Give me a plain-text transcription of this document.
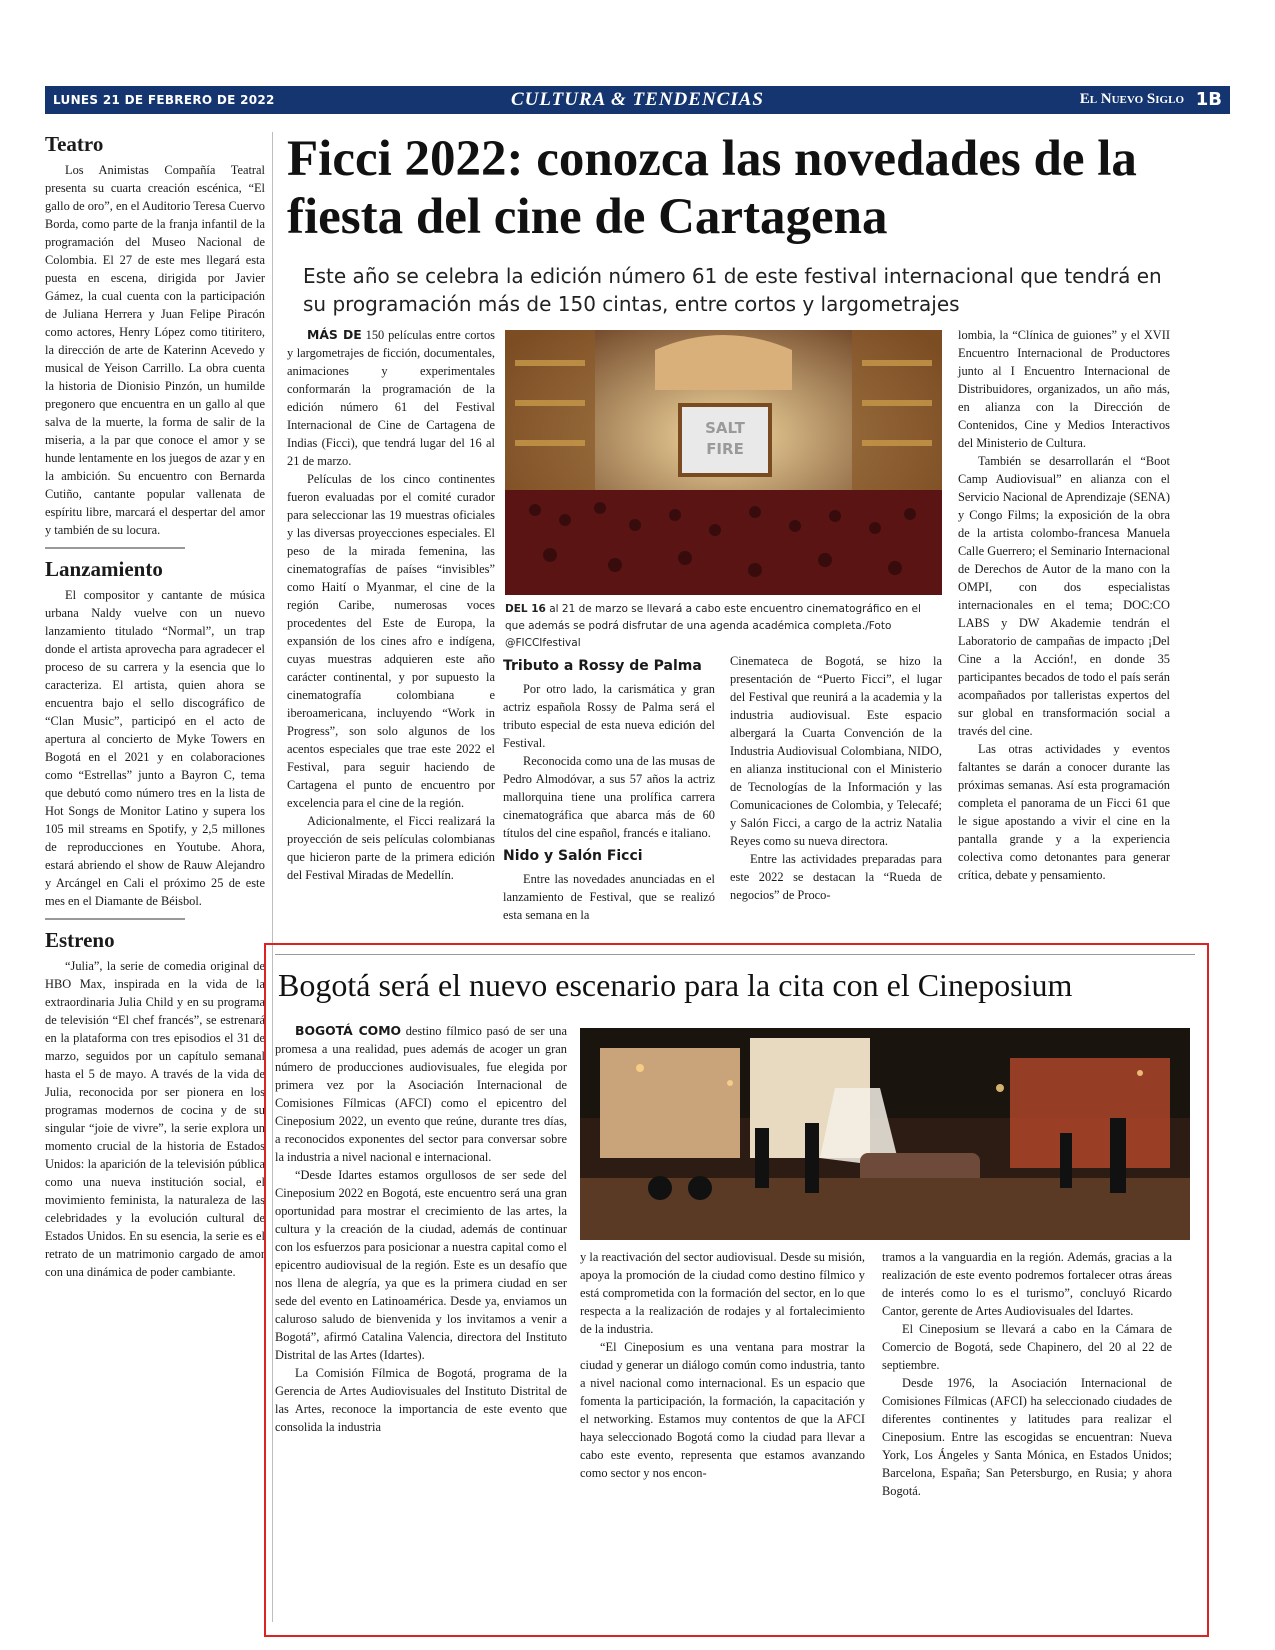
LUNES 21 DE FEBRERO DE 2022	CULTURA & TENDENCIAS	El Nuevo Siglo 1B
Teatro

Los Animistas Compañía Teatral presenta su cuarta creación escénica, “El gallo de oro”, en el Auditorio Teresa Cuervo Borda, como parte de la franja infantil de la programación del Museo Nacional de Colombia. El 27 de este mes llegará esta puesta en escena, dirigida por Javier Gámez, la cual cuenta con la participación de Juliana Herrera y Juan Felipe Piracón como actores, Henry López como titiritero, la dirección de arte de Katerinn Acevedo y musical de Yeison Carrillo. La obra cuenta la historia de Dionisio Pinzón, un humilde pregonero que encuentra en un gallo al que salva de la muerte, la forma de salir de la miseria, a la par que conoce el amor y se hunde lentamente en los juegos de azar y en la ambición. Su encuentro con Bernarda Cutiño, cantante popular vallenata de espíritu libre, marcará el despertar del amor y también de su locura.

Lanzamiento

El compositor y cantante de música urbana Naldy vuelve con un nuevo lanzamiento titulado “Normal”, un trap donde el artista aprovecha para agradecer el proceso de su carrera y la esencia que lo caracteriza. El artista, quien ahora se encuentra bajo el sello discográfico de “Clan Music”, participó en el acto de apertura al concierto de Myke Towers en Bogotá en el 2021 y en colaboraciones como “Estrellas” junto a Bayron C, tema que debutó como número tres en la lista de Hot Songs de Monitor Latino y supera los 105 mil streams en Spotify, y 2,5 millones de reproducciones en Youtube. Ahora, estará abriendo el show de Rauw Alejandro y Arcángel en Cali el próximo 25 de este mes en el Diamante de Béisbol.

Estreno

“Julia”, la serie de comedia original de HBO Max, inspirada en la vida de la extraordinaria Julia Child y en su programa de televisión “El chef francés”, se estrenará en la plataforma con tres episodios el 31 de marzo, seguidos por un capítulo semanal hasta el 5 de mayo. A través de la vida de Julia, reconocida por ser pionera en los programas modernos de cocina y de su singular “joie de vivre”, la serie explora un momento crucial de la historia de Estados Unidos: la aparición de la televisión pública como una nueva institución social, el movimiento feminista, la naturaleza de las celebridades y la evolución cultural de Estados Unidos. En su esencia, la serie es el retrato de un matrimonio cargado de amor con una dinámica de poder cambiante.

Ficci 2022: conozca las novedades de la fiesta del cine de Cartagena

Este año se celebra la edición número 61 de este festival internacional que tendrá en su programación más de 150 cintas, entre cortos y largometrajes

MÁS DE 150 películas entre cortos y largometrajes de ficción, documentales, animaciones y experimentales conformarán la programación de la edición número 61 del Festival Internacional de Cine de Cartagena de Indias (Ficci), que tendrá lugar del 16 al 21 de marzo.

Películas de los cinco continentes fueron evaluadas por el comité curador para seleccionar las 19 muestras oficiales y las diversas proyecciones especiales. El peso de la mirada femenina, las cinematografías de países “invisibles” como Haití o Myanmar, el cine de la región Caribe, numerosas voces procedentes del Este de Europa, la expansión de los cines afro e indígena, cuyas muestras adquieren este año carácter continental, y por supuesto la cinematografía colombiana e iberoamericana, incluyendo “Work in Progress”, son solo algunos de los acentos especiales que trae este 2022 el Festival, para seguir haciendo de Cartagena el punto de encuentro por excelencia para el cine de la región.

Adicionalmente, el Ficci realizará la proyección de seis películas colombianas que hicieron parte de la primera edición del Festival Miradas de Medellín.

SALT
FIRE
DEL 16 al 21 de marzo se llevará a cabo este encuentro cinematográfico en el que además se podrá disfrutar de una agenda académica completa./Foto @FICCIfestival
Tributo a Rossy de Palma

Por otro lado, la carismática y gran actriz española Rossy de Palma será el tributo especial de esta nueva edición del Festival.

Reconocida como una de las musas de Pedro Almodóvar, a sus 57 años la actriz mallorquina tiene una prolífica carrera cinematográfica que abarca más de 60 títulos del cine español, francés e italiano.

Nido y Salón Ficci

Entre las novedades anunciadas en el lanzamiento de Festival, que se realizó esta semana en la

Cinemateca de Bogotá, se hizo la presentación de “Puerto Ficci”, el lugar del Festival que reunirá a la academia y la industria audiovisual. Este espacio albergará la Cuarta Convención de la Industria Audiovisual Colombiana, NIDO, en alianza institucional con el Ministerio de Tecnologías de la Información y las Comunicaciones de Colombia, y Telecafé; y Salón Ficci, a cargo de la actriz Natalia Reyes como su nueva directora.

Entre las actividades preparadas para este 2022 se destacan la “Rueda de negocios” de Proco-

lombia, la “Clínica de guiones” y el XVII Encuentro Internacional de Productores junto al I Encuentro Internacional de Distribuidores, organizados, un año más, en alianza con la Dirección de Contenidos, Cine y Medios Interactivos del Ministerio de Cultura.

También se desarrollarán el “Boot Camp Audiovisual” en alianza con el Servicio Nacional de Aprendizaje (SENA) y Congo Films; la exposición de la obra de la artista colombo-francesa Manuela Calle Guerrero; el Seminario Internacional de Derechos de Autor de la mano con la OMPI, con dos especialistas internacionales en el tema; DOC:CO LABS y DW Akademie tendrán el Laboratorio de campañas de impacto ¡Del Cine a la Acción!, en donde 35 participantes becados de todo el país serán acompañados por talleristas expertos del sur global en transformación social a través del cine.

Las otras actividades y eventos faltantes se darán a conocer durante las próximas semanas. Así esta programación completa el panorama de un Ficci 61 que le sigue apostando a vivir el cine en la pantalla grande y a la experiencia colectiva como detonantes para generar crítica, debate y pensamiento.

Bogotá será el nuevo escenario para la cita con el Cineposium

BOGOTÁ COMO destino fílmico pasó de ser una promesa a una realidad, pues además de acoger un gran número de producciones audiovisuales, fue elegida por primera vez por la Asociación Internacional de Comisiones Fílmicas (AFCI) como el epicentro del Cineposium 2022, un evento que reúne, durante tres días, a reconocidos exponentes del sector para conversar sobre la industria a nivel nacional e internacional.

“Desde Idartes estamos orgullosos de ser sede del Cineposium 2022 en Bogotá, este encuentro será una gran oportunidad para mostrar el crecimiento de las artes, la cultura y la creación de la ciudad, además de continuar con los esfuerzos para posicionar a nuestra capital como el epicentro audiovisual de la región. Este es un desafío que nos llena de alegría, ya que es la primera ciudad en ser sede del evento en Latinoamérica. Desde ya, enviamos un caluroso saludo de bienvenida y los invitamos a venir a Bogotá”, afirmó Catalina Valencia, directora del Instituto Distrital de las Artes (Idartes).

La Comisión Fílmica de Bogotá, programa de la Gerencia de Artes Audiovisuales del Instituto Distrital de las Artes, reconoce la importancia de este evento que consolida la industria

y la reactivación del sector audiovisual. Desde su misión, apoya la promoción de la ciudad como destino fílmico y está comprometida con la formación del sector, en lo que respecta a la realización de rodajes y al fortalecimiento de la industria.

“El Cineposium es una ventana para mostrar la ciudad y generar un diálogo común como industria, tanto a nivel nacional como internacional. Es un espacio que fomenta la participación, la formación, la capacitación y el networking. Estamos muy contentos de que la AFCI haya seleccionado Bogotá como la ciudad para llevar a cabo este evento, representa que estamos avanzando como sector y nos encon-

tramos a la vanguardia en la región. Además, gracias a la realización de este evento podremos fortalecer otras áreas de interés como lo es el turismo”, concluyó Ricardo Cantor, gerente de Artes Audiovisuales del Idartes.

El Cineposium se llevará a cabo en la Cámara de Comercio de Bogotá, sede Chapinero, del 20 al 22 de septiembre.

Desde 1976, la Asociación Internacional de Comisiones Fílmicas (AFCI) ha seleccionado ciudades de diferentes continentes y latitudes para realizar el Cineposium. Entre las escogidas se encuentran: Nueva York, Los Ángeles y Santa Mónica, en Estados Unidos; Barcelona, España; San Petersburgo, en Rusia; y ahora Bogotá.
